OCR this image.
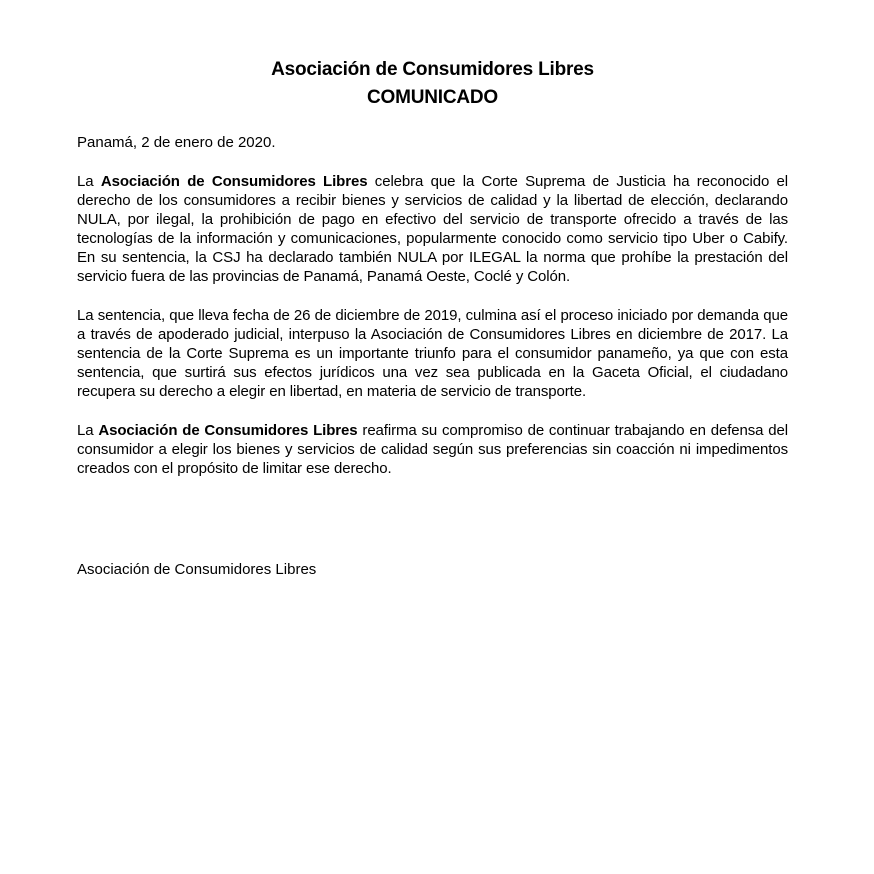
Asociación de Consumidores Libres
COMUNICADO

Panamá, 2 de enero de 2020.

La Asociación de Consumidores Libres celebra que la Corte Suprema de Justicia ha reconocido el derecho de los consumidores a recibir bienes y servicios de calidad y la libertad de elección, declarando NULA, por ilegal, la prohibición de pago en efectivo del servicio de transporte ofrecido a través de las tecnologías de la información y comunicaciones, popularmente conocido como servicio tipo Uber o Cabify. En su sentencia, la CSJ ha declarado también NULA por ILEGAL la norma que prohíbe la prestación del servicio fuera de las provincias de Panamá, Panamá Oeste, Coclé y Colón.

La sentencia, que lleva fecha de 26 de diciembre de 2019, culmina así el proceso iniciado por demanda que a través de apoderado judicial, interpuso la Asociación de Consumidores Libres en diciembre de 2017. La sentencia de la Corte Suprema es un importante triunfo para el consumidor panameño, ya que con esta sentencia, que surtirá sus efectos jurídicos una vez sea publicada en la Gaceta Oficial, el ciudadano recupera su derecho a elegir en libertad, en materia de servicio de transporte.

La Asociación de Consumidores Libres reafirma su compromiso de continuar trabajando en defensa del consumidor a elegir los bienes y servicios de calidad según sus preferencias sin coacción ni impedimentos creados con el propósito de limitar ese derecho.

Asociación de Consumidores Libres
